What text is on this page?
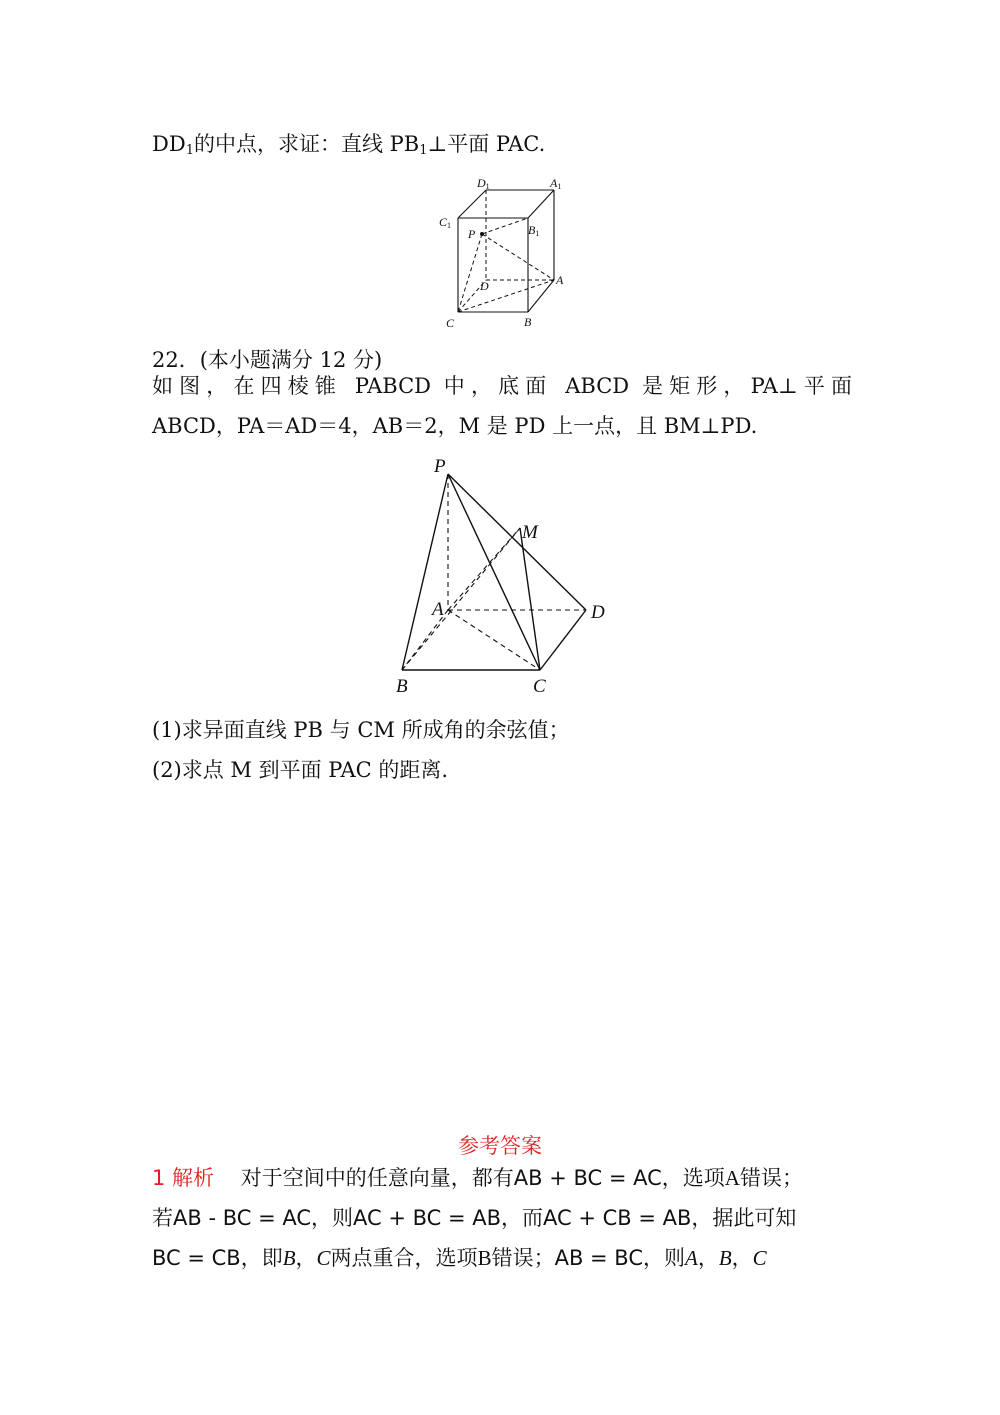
$DD_1$的中点，求证：直线 $PB_1\perp$平面 PAC.
D1	A1
C1	B1
P
D	A
C	B
22．(本小题满分 12 分)
如图，在四棱锥 PABCD 中，底面 ABCD 是矩形，PA⊥平面
ABCD，PA＝AD＝4，AB＝2，M 是 PD 上一点，且 BM⊥PD.
P
M
A	D
B	C
(1)求异面直线 PB 与 CM 所成角的余弦值；
(2)求点 M 到平面 PAC 的距离.
参考答案
1 解析 对于空间中的任意向量，都有AB + BC = AC，选项A错误；
若AB - BC = AC，则AC + BC = AB，而AC + CB = AB，据此可知
BC = CB，即B，C两点重合，选项B错误；AB = BC，则A，B，C
